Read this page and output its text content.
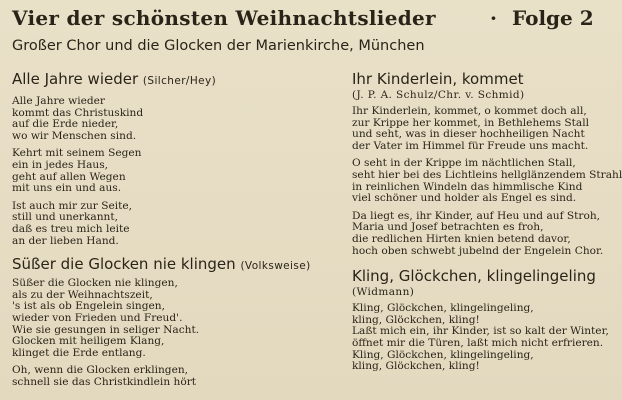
Vier der schönsten Weihnachtslieder	· Folge 2
Großer Chor und die Glocken der Marienkirche, München
Alle Jahre wieder (Silcher/Hey)
Alle Jahre wieder
kommt das Christuskind
auf die Erde nieder,
wo wir Menschen sind.
Kehrt mit seinem Segen
ein in jedes Haus,
geht auf allen Wegen
mit uns ein und aus.
Ist auch mir zur Seite,
still und unerkannt,
daß es treu mich leite
an der lieben Hand.
Süßer die Glocken nie klingen (Volksweise)
Süßer die Glocken nie klingen,
als zu der Weihnachtszeit,
's ist als ob Engelein singen,
wieder von Frieden und Freud'.
Wie sie gesungen in seliger Nacht.
Glocken mit heiligem Klang,
klinget die Erde entlang.
Oh, wenn die Glocken erklingen,
schnell sie das Christkindlein hört
Ihr Kinderlein, kommet
(J. P. A. Schulz/Chr. v. Schmid)
Ihr Kinderlein, kommet, o kommet doch all,
zur Krippe her kommet, in Bethlehems Stall
und seht, was in dieser hochheiligen Nacht
der Vater im Himmel für Freude uns macht.
O seht in der Krippe im nächtlichen Stall,
seht hier bei des Lichtleins hellglänzendem Strahl
in reinlichen Windeln das himmlische Kind
viel schöner und holder als Engel es sind.
Da liegt es, ihr Kinder, auf Heu und auf Stroh,
Maria und Josef betrachten es froh,
die redlichen Hirten knien betend davor,
hoch oben schwebt jubelnd der Engelein Chor.
Kling, Glöckchen, klingelingeling
(Widmann)
Kling, Glöckchen, klingelingeling,
kling, Glöckchen, kling!
Laßt mich ein, ihr Kinder, ist so kalt der Winter,
öffnet mir die Türen, laßt mich nicht erfrieren.
Kling, Glöckchen, klingelingeling,
kling, Glöckchen, kling!
